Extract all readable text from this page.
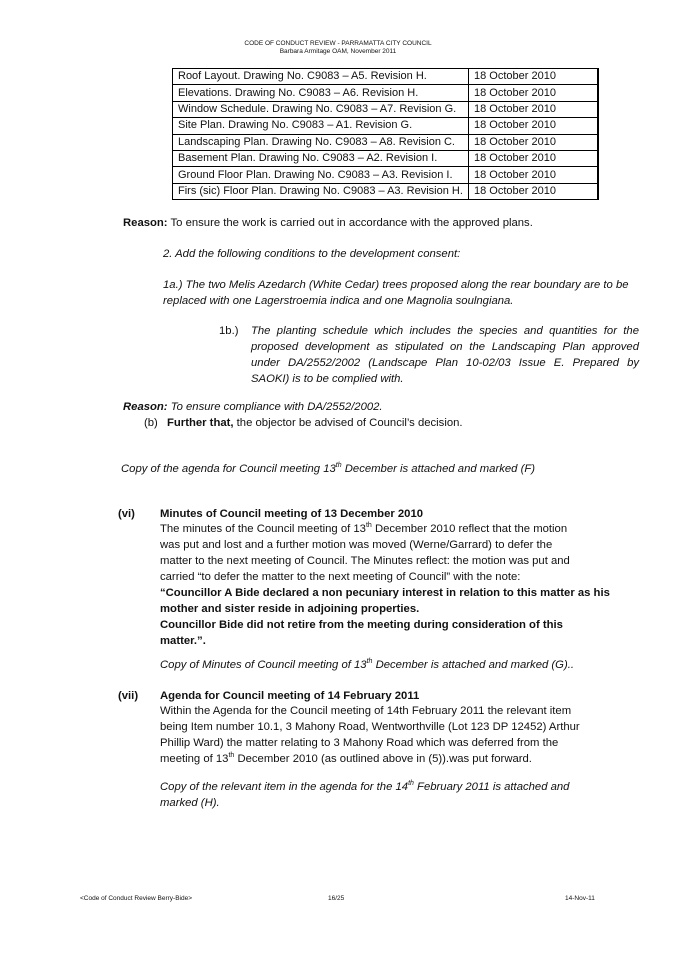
CODE OF CONDUCT REVIEW - PARRAMATTA CITY COUNCIL
Barbara Armitage OAM, November 2011
Roof Layout. Drawing No. C9083 – A5. Revision H.	18 October 2010
Elevations. Drawing No. C9083 – A6. Revision H.	18 October 2010
Window Schedule. Drawing No. C9083 – A7. Revision G.	18 October 2010
Site Plan. Drawing No. C9083 – A1. Revision G.	18 October 2010
Landscaping Plan. Drawing No. C9083 – A8. Revision C.	18 October 2010
Basement Plan. Drawing No. C9083 – A2. Revision I.	18 October 2010
Ground Floor Plan. Drawing No. C9083 – A3. Revision I.	18 October 2010
Firs (sic) Floor Plan. Drawing No. C9083 – A3. Revision H.	18 October 2010
Reason: To ensure the work is carried out in accordance with the approved plans.
2. Add the following conditions to the development consent:
1a.) The two Melis Azedarch (White Cedar) trees proposed along the rear boundary are to be replaced with one Lagerstroemia indica and one Magnolia soulngiana.
1b.) The planting schedule which includes the species and quantities for the proposed development as stipulated on the Landscaping Plan approved under DA/2552/2002 (Landscape Plan 10-02/03 Issue E. Prepared by SAOKI) is to be complied with.
Reason: To ensure compliance with DA/2552/2002.
(b) Further that, the objector be advised of Council’s decision.
Copy of the agenda for Council meeting 13th December is attached and marked (F)
(vi) Minutes of Council meeting of 13 December 2010
The minutes of the Council meeting of 13th December 2010 reflect that the motion
was put and lost and a further motion was moved (Werne/Garrard) to defer the
matter to the next meeting of Council. The Minutes reflect: the motion was put and
carried “to defer the matter to the next meeting of Council” with the note:
“Councillor A Bide declared a non pecuniary interest in relation to this matter as his
mother and sister reside in adjoining properties.
Councillor Bide did not retire from the meeting during consideration of this
matter.”.
Copy of Minutes of Council meeting of 13th December is attached and marked (G)..
(vii) Agenda for Council meeting of 14 February 2011
Within the Agenda for the Council meeting of 14th February 2011 the relevant item
being Item number 10.1, 3 Mahony Road, Wentworthville (Lot 123 DP 12452) Arthur
Phillip Ward) the matter relating to 3 Mahony Road which was deferred from the
meeting of 13th December 2010 (as outlined above in (5)).was put forward.
Copy of the relevant item in the agenda for the 14th February 2011 is attached and
marked (H).
<Code of Conduct Review Berry-Bide>	16/25	14-Nov-11
